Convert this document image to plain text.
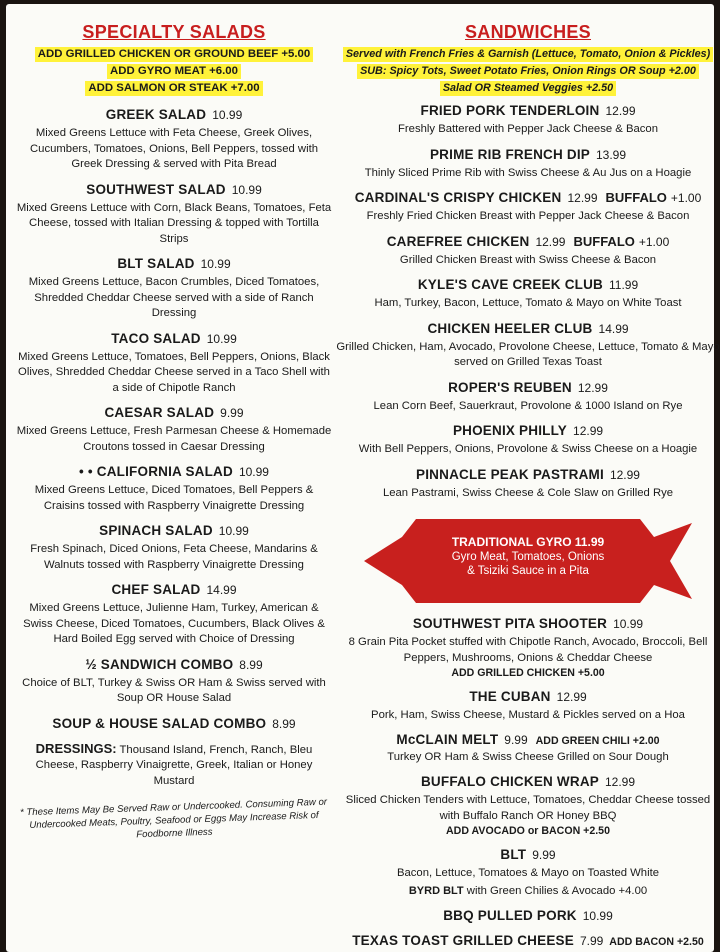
SPECIALTY SALADS
ADD GRILLED CHICKEN OR GROUND BEEF +5.00
ADD GYRO MEAT +6.00
ADD SALMON OR STEAK +7.00
GREEK SALAD 10.99
Mixed Greens Lettuce with Feta Cheese, Greek Olives, Cucumbers, Tomatoes, Onions, Bell Peppers, tossed with Greek Dressing & served with Pita Bread
SOUTHWEST SALAD 10.99
Mixed Greens Lettuce with Corn, Black Beans, Tomatoes, Feta Cheese, tossed with Italian Dressing & topped with Tortilla Strips
BLT SALAD 10.99
Mixed Greens Lettuce, Bacon Crumbles, Diced Tomatoes, Shredded Cheddar Cheese served with a side of Ranch Dressing
TACO SALAD 10.99
Mixed Greens Lettuce, Tomatoes, Bell Peppers, Onions, Black Olives, Shredded Cheddar Cheese served in a Taco Shell with a side of Chipotle Ranch
CAESAR SALAD 9.99
Mixed Greens Lettuce, Fresh Parmesan Cheese & Homemade Croutons tossed in Caesar Dressing
• • CALIFORNIA SALAD 10.99
Mixed Greens Lettuce, Diced Tomatoes, Bell Peppers & Craisins tossed with Raspberry Vinaigrette Dressing
SPINACH SALAD 10.99
Fresh Spinach, Diced Onions, Feta Cheese, Mandarins & Walnuts tossed with Raspberry Vinaigrette Dressing
CHEF SALAD 14.99
Mixed Greens Lettuce, Julienne Ham, Turkey, American & Swiss Cheese, Diced Tomatoes, Cucumbers, Black Olives & Hard Boiled Egg served with Choice of Dressing
½ SANDWICH COMBO 8.99
Choice of BLT, Turkey & Swiss OR Ham & Swiss served with Soup OR House Salad
SOUP & HOUSE SALAD COMBO 8.99
DRESSINGS: Thousand Island, French, Ranch, Bleu Cheese, Raspberry Vinaigrette, Greek, Italian or Honey Mustard
* These Items May Be Served Raw or Undercooked. Consuming Raw or Undercooked Meats, Poultry, Seafood or Eggs May Increase Risk of Foodborne Illness
SANDWICHES
Served with French Fries & Garnish (Lettuce, Tomato, Onion & Pickles)
SUB: Spicy Tots, Sweet Potato Fries, Onion Rings OR Soup +2.00
Salad OR Steamed Veggies +2.50
FRIED PORK TENDERLOIN 12.99
Freshly Battered with Pepper Jack Cheese & Bacon
PRIME RIB FRENCH DIP 13.99
Thinly Sliced Prime Rib with Swiss Cheese & Au Jus on a Hoagie
CARDINAL'S CRISPY CHICKEN 12.99 BUFFALO +1.00
Freshly Fried Chicken Breast with Pepper Jack Cheese & Bacon
CAREFREE CHICKEN 12.99 BUFFALO +1.00
Grilled Chicken Breast with Swiss Cheese & Bacon
KYLE'S CAVE CREEK CLUB 11.99
Ham, Turkey, Bacon, Lettuce, Tomato & Mayo on White Toast
CHICKEN HEELER CLUB 14.99
Grilled Chicken, Ham, Avocado, Provolone Cheese, Lettuce, Tomato & Mayo served on Grilled Texas Toast
ROPER'S REUBEN 12.99
Lean Corn Beef, Sauerkraut, Provolone & 1000 Island on Rye
PHOENIX PHILLY 12.99
With Bell Peppers, Onions, Provolone & Swiss Cheese on a Hoagie
PINNACLE PEAK PASTRAMI 12.99
Lean Pastrami, Swiss Cheese & Cole Slaw on Grilled Rye
TRADITIONAL GYRO 11.99
Gyro Meat, Tomatoes, Onions
& Tsiziki Sauce in a Pita
SOUTHWEST PITA SHOOTER 10.99
8 Grain Pita Pocket stuffed with Chipotle Ranch, Avocado, Broccoli, Bell Peppers, Mushrooms, Onions & Cheddar Cheese
ADD GRILLED CHICKEN +5.00
THE CUBAN 12.99
Pork, Ham, Swiss Cheese, Mustard & Pickles served on a Hoa
McCLAIN MELT 9.99 ADD GREEN CHILI +2.00
Turkey OR Ham & Swiss Cheese Grilled on Sour Dough
BUFFALO CHICKEN WRAP 12.99
Sliced Chicken Tenders with Lettuce, Tomatoes, Cheddar Cheese tossed with Buffalo Ranch OR Honey BBQ
ADD AVOCADO or BACON +2.50
BLT 9.99
Bacon, Lettuce, Tomatoes & Mayo on Toasted White
BYRD BLT with Green Chilies & Avocado +4.00
BBQ PULLED PORK 10.99
TEXAS TOAST GRILLED CHEESE 7.99 ADD BACON +2.50
